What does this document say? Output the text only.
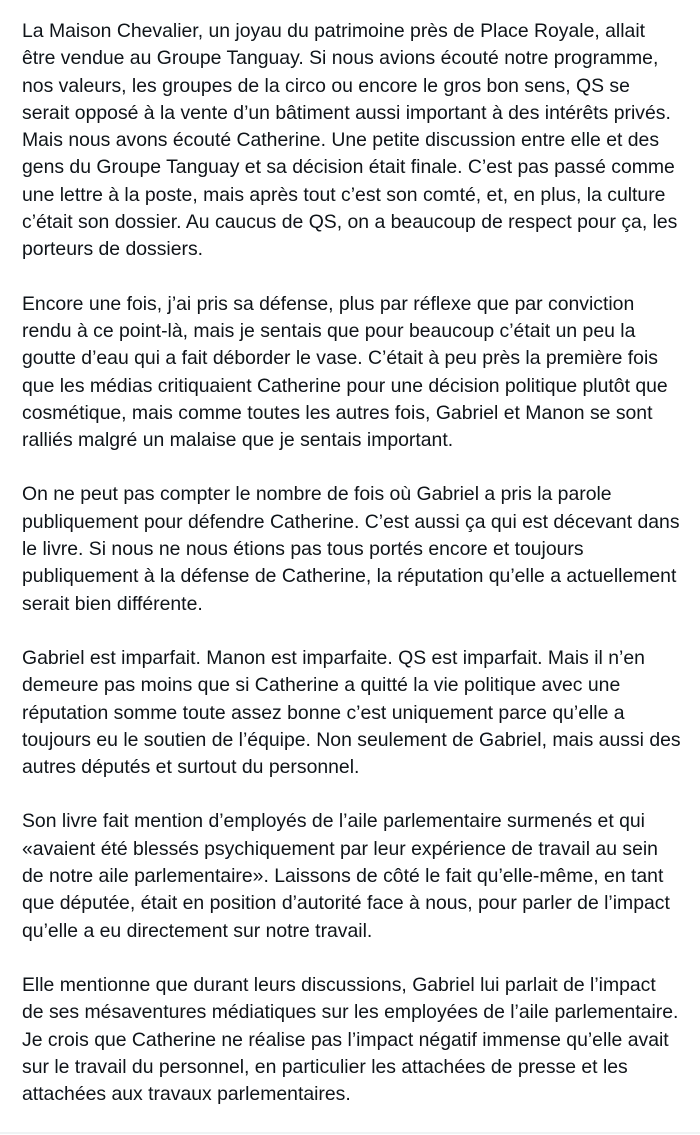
La Maison Chevalier, un joyau du patrimoine près de Place Royale, allait être vendue au Groupe Tanguay. Si nous avions écouté notre programme, nos valeurs, les groupes de la circo ou encore le gros bon sens, QS se serait opposé à la vente d’un bâtiment aussi important à des intérêts privés. Mais nous avons écouté Catherine. Une petite discussion entre elle et des gens du Groupe Tanguay et sa décision était finale. C’est pas passé comme une lettre à la poste, mais après tout c’est son comté, et, en plus, la culture c’était son dossier. Au caucus de QS, on a beaucoup de respect pour ça, les porteurs de dossiers.

Encore une fois, j’ai pris sa défense, plus par réflexe que par conviction rendu à ce point-là, mais je sentais que pour beaucoup c’était un peu la goutte d’eau qui a fait déborder le vase. C’était à peu près la première fois que les médias critiquaient Catherine pour une décision politique plutôt que cosmétique, mais comme toutes les autres fois, Gabriel et Manon se sont ralliés malgré un malaise que je sentais important.

On ne peut pas compter le nombre de fois où Gabriel a pris la parole publiquement pour défendre Catherine. C’est aussi ça qui est décevant dans le livre. Si nous ne nous étions pas tous portés encore et toujours publiquement à la défense de Catherine, la réputation qu’elle a actuellement serait bien différente.

Gabriel est imparfait. Manon est imparfaite. QS est imparfait. Mais il n’en demeure pas moins que si Catherine a quitté la vie politique avec une réputation somme toute assez bonne c’est uniquement parce qu’elle a toujours eu le soutien de l’équipe. Non seulement de Gabriel, mais aussi des autres députés et surtout du personnel.

Son livre fait mention d’employés de l’aile parlementaire surmenés et qui «avaient été blessés psychiquement par leur expérience de travail au sein de notre aile parlementaire». Laissons de côté le fait qu’elle-même, en tant que députée, était en position d’autorité face à nous, pour parler de l’impact qu’elle a eu directement sur notre travail.

Elle mentionne que durant leurs discussions, Gabriel lui parlait de l’impact de ses mésaventures médiatiques sur les employées de l’aile parlementaire. Je crois que Catherine ne réalise pas l’impact négatif immense qu’elle avait sur le travail du personnel, en particulier les attachées de presse et les attachées aux travaux parlementaires.
